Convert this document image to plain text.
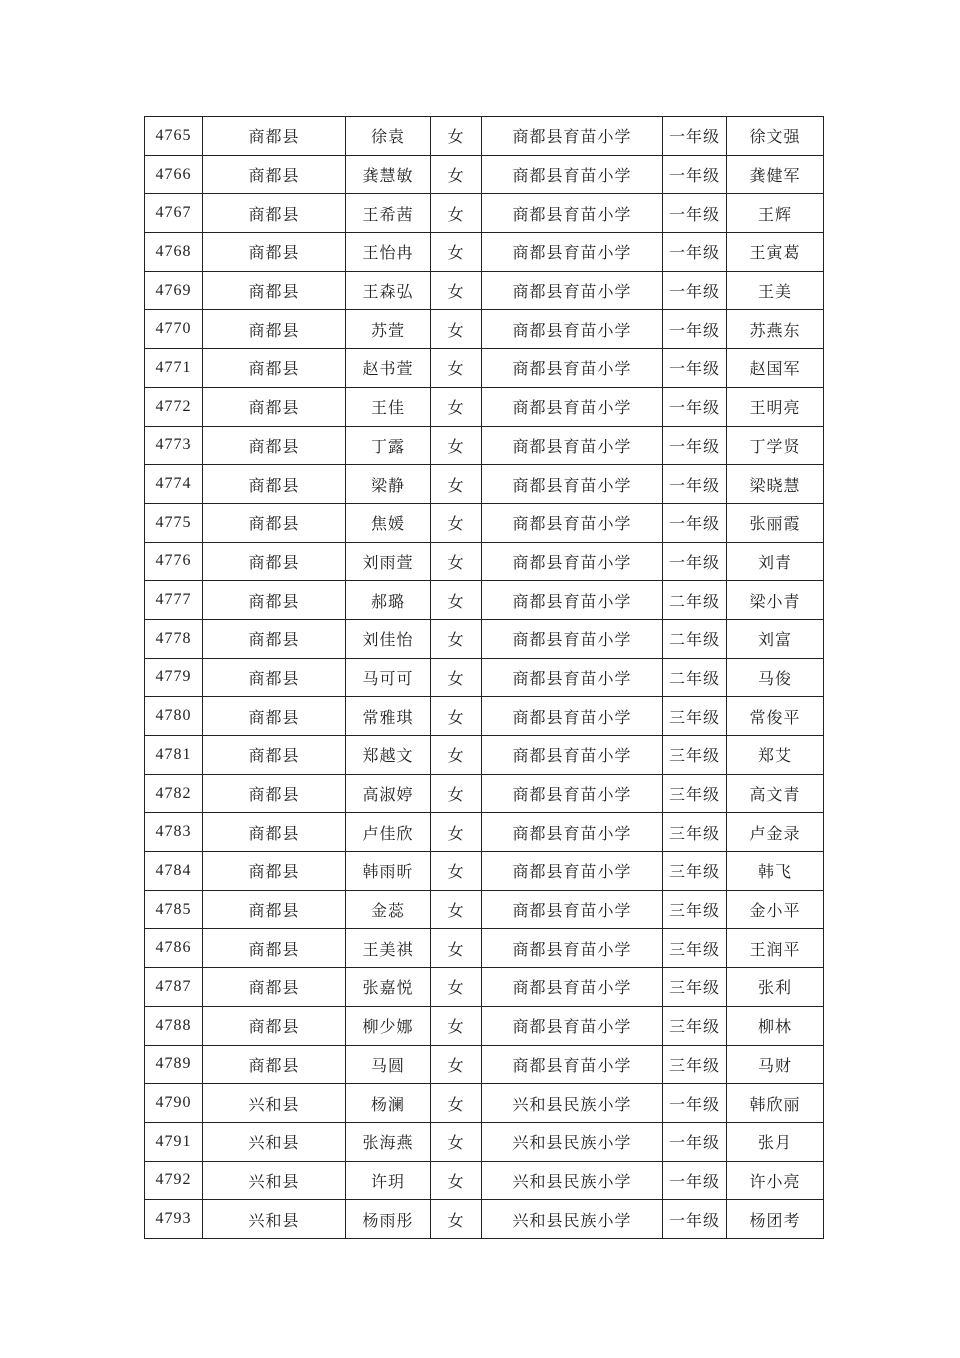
4765	商都县	徐袁	女	商都县育苗小学	一年级	徐文强
4766	商都县	龚慧敏	女	商都县育苗小学	一年级	龚健军
4767	商都县	王希茜	女	商都县育苗小学	一年级	王辉
4768	商都县	王怡冉	女	商都县育苗小学	一年级	王寅葛
4769	商都县	王森弘	女	商都县育苗小学	一年级	王美
4770	商都县	苏萱	女	商都县育苗小学	一年级	苏燕东
4771	商都县	赵书萱	女	商都县育苗小学	一年级	赵国军
4772	商都县	王佳	女	商都县育苗小学	一年级	王明亮
4773	商都县	丁露	女	商都县育苗小学	一年级	丁学贤
4774	商都县	梁静	女	商都县育苗小学	一年级	梁晓慧
4775	商都县	焦媛	女	商都县育苗小学	一年级	张丽霞
4776	商都县	刘雨萱	女	商都县育苗小学	一年级	刘青
4777	商都县	郝璐	女	商都县育苗小学	二年级	梁小青
4778	商都县	刘佳怡	女	商都县育苗小学	二年级	刘富
4779	商都县	马可可	女	商都县育苗小学	二年级	马俊
4780	商都县	常雅琪	女	商都县育苗小学	三年级	常俊平
4781	商都县	郑越文	女	商都县育苗小学	三年级	郑艾
4782	商都县	高淑婷	女	商都县育苗小学	三年级	高文青
4783	商都县	卢佳欣	女	商都县育苗小学	三年级	卢金录
4784	商都县	韩雨昕	女	商都县育苗小学	三年级	韩飞
4785	商都县	金蕊	女	商都县育苗小学	三年级	金小平
4786	商都县	王美祺	女	商都县育苗小学	三年级	王润平
4787	商都县	张嘉悦	女	商都县育苗小学	三年级	张利
4788	商都县	柳少娜	女	商都县育苗小学	三年级	柳林
4789	商都县	马圆	女	商都县育苗小学	三年级	马财
4790	兴和县	杨澜	女	兴和县民族小学	一年级	韩欣丽
4791	兴和县	张海燕	女	兴和县民族小学	一年级	张月
4792	兴和县	许玥	女	兴和县民族小学	一年级	许小亮
4793	兴和县	杨雨彤	女	兴和县民族小学	一年级	杨团考
